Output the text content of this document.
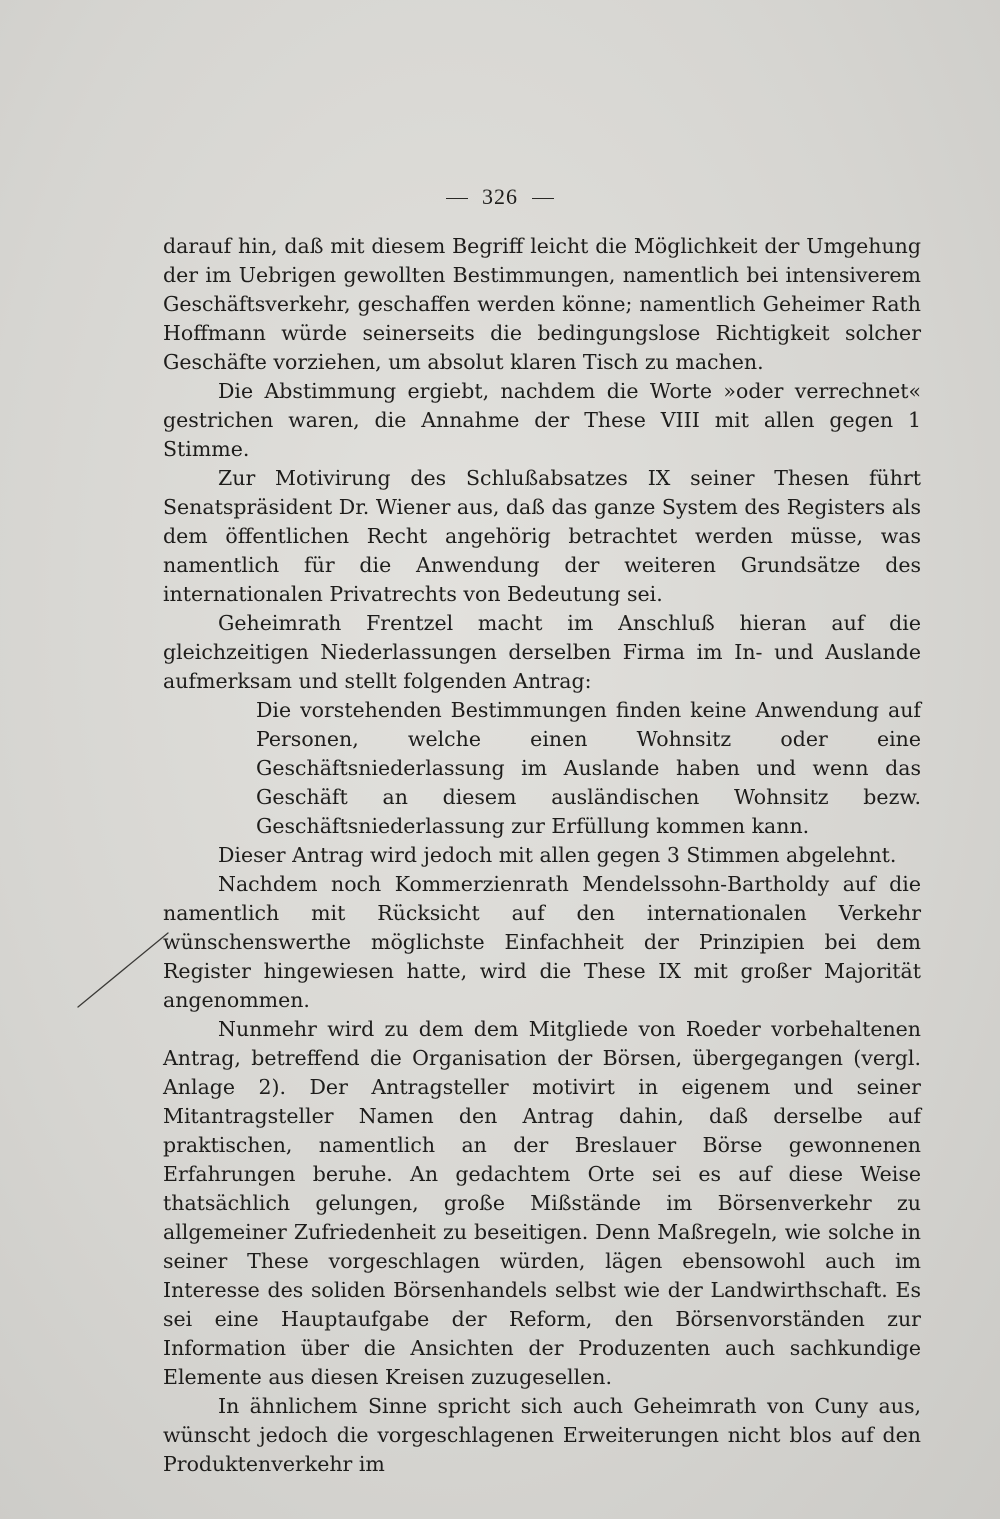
326

darauf hin, daß mit diesem Begriff leicht die Möglichkeit der Umgehung der im Uebrigen gewollten Bestimmungen, namentlich bei intensiverem Geschäftsverkehr, geschaffen werden könne; namentlich Geheimer Rath Hoffmann würde seinerseits die bedingungslose Richtigkeit solcher Geschäfte vorziehen, um absolut klaren Tisch zu machen.

Die Abstimmung ergiebt, nachdem die Worte »oder verrechnet« gestrichen waren, die Annahme der These VIII mit allen gegen 1 Stimme.

Zur Motivirung des Schlußabsatzes IX seiner Thesen führt Senatspräsident Dr. Wiener aus, daß das ganze System des Registers als dem öffentlichen Recht angehörig betrachtet werden müsse, was namentlich für die Anwendung der weiteren Grundsätze des internationalen Privatrechts von Bedeutung sei.

Geheimrath Frentzel macht im Anschluß hieran auf die gleichzeitigen Niederlassungen derselben Firma im In- und Auslande aufmerksam und stellt folgenden Antrag:

Die vorstehenden Bestimmungen finden keine Anwendung auf Personen, welche einen Wohnsitz oder eine Geschäftsniederlassung im Auslande haben und wenn das Geschäft an diesem ausländischen Wohnsitz bezw. Geschäftsniederlassung zur Erfüllung kommen kann.

Dieser Antrag wird jedoch mit allen gegen 3 Stimmen abgelehnt.

Nachdem noch Kommerzienrath Mendelssohn-Bartholdy auf die namentlich mit Rücksicht auf den internationalen Verkehr wünschenswerthe möglichste Einfachheit der Prinzipien bei dem Register hingewiesen hatte, wird die These IX mit großer Majorität angenommen.

Nunmehr wird zu dem dem Mitgliede von Roeder vorbehaltenen Antrag, betreffend die Organisation der Börsen, übergegangen (vergl. Anlage 2). Der Antragsteller motivirt in eigenem und seiner Mitantragsteller Namen den Antrag dahin, daß derselbe auf praktischen, namentlich an der Breslauer Börse gewonnenen Erfahrungen beruhe. An gedachtem Orte sei es auf diese Weise thatsächlich gelungen, große Mißstände im Börsenverkehr zu allgemeiner Zufriedenheit zu beseitigen. Denn Maßregeln, wie solche in seiner These vorgeschlagen würden, lägen ebensowohl auch im Interesse des soliden Börsenhandels selbst wie der Landwirthschaft. Es sei eine Hauptaufgabe der Reform, den Börsenvorständen zur Information über die Ansichten der Produzenten auch sachkundige Elemente aus diesen Kreisen zuzugesellen.

In ähnlichem Sinne spricht sich auch Geheimrath von Cuny aus, wünscht jedoch die vorgeschlagenen Erweiterungen nicht blos auf den Produktenverkehr im
